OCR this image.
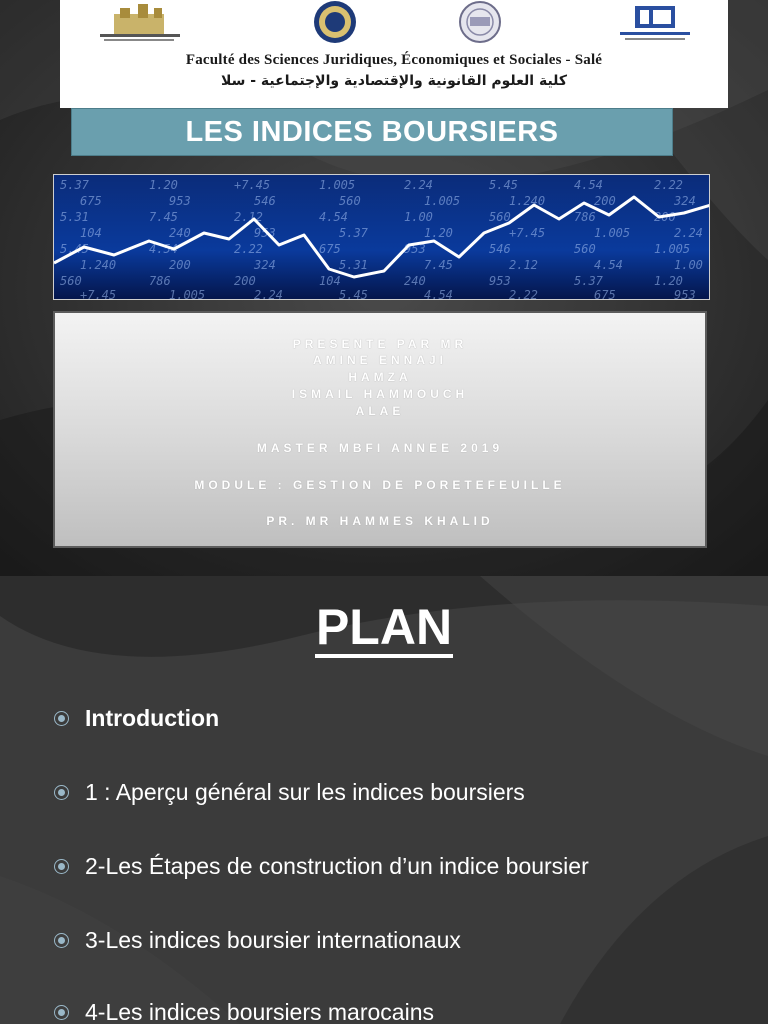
Faculté des Sciences Juridiques, Économiques et Sociales - Salé
كلية العلوم القانونية والإقتصادية والإجتماعية - سلا
LES INDICES BOURSIERS
5.37	1.20	+7.45	1.005	2.24	5.45	4.54	2.22
675	953	546	560	1.005	1.240	200	324
5.31	7.45	2.12	4.54	1.00	560	786	200
104	240	953	5.37	1.20	+7.45	1.005	2.24
5.45	4.54	2.22	675	953	546	560	1.005
1.240	200	324	5.31	7.45	2.12	4.54	1.00
560	786	200	104	240	953	5.37	1.20
+7.45	1.005	2.24	5.45	4.54	2.22	675	953
PRESENTE PAR MR
AMINE ENNAJI
HAMZA
ISMAIL HAMMOUCH
ALAE
MASTER MBFI ANNEE 2019
MODULE : GESTION DE PORETEFEUILLE
PR. MR HAMMES KHALID
PLAN
Introduction
1 : Aperçu général sur les indices boursiers
2-Les Étapes de construction d’un indice boursier
3-Les indices boursier internationaux
4-Les indices boursiers marocains
